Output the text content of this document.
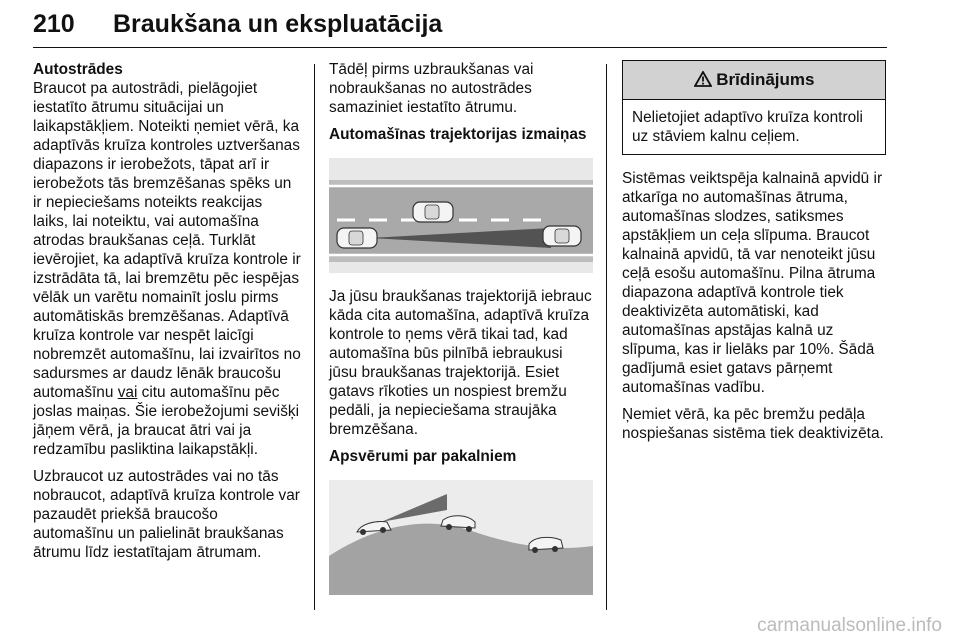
210 Braukšana un ekspluatācija

Autostrādes

Braucot pa autostrādi, pielāgojiet iestatīto ātrumu situācijai un laikapstākļiem. Noteikti ņemiet vērā, ka adaptīvās kruīza kontroles uztveršanas diapazons ir ierobežots, tāpat arī ir ierobežots tās bremzēšanas spēks un ir nepieciešams noteikts reakcijas laiks, lai noteiktu, vai automašīna atrodas braukšanas ceļā. Turklāt ievērojiet, ka adaptīvā kruīza kontrole ir izstrādāta tā, lai bremzētu pēc iespējas vēlāk un varētu nomainīt joslu pirms automātiskās bremzēšanas. Adaptīvā kruīza kontrole var nespēt laicīgi nobremzēt automašīnu, lai izvairītos no sadursmes ar daudz lēnāk braucošu automašīnu vai citu automašīnu pēc joslas maiņas. Šie ierobežojumi sevišķi jāņem vērā, ja braucat ātri vai ja redzamību pasliktina laikapstākļi.

Uzbraucot uz autostrādes vai no tās nobraucot, adaptīvā kruīza kontrole var pazaudēt priekšā braucošo automašīnu un palielināt braukšanas ātrumu līdz iestatītajam ātrumam.

Tādēļ pirms uzbraukšanas vai nobraukšanas no autostrādes samaziniet iestatīto ātrumu.

Automašīnas trajektorijas izmaiņas

Ja jūsu braukšanas trajektorijā iebrauc kāda cita automašīna, adaptīvā kruīza kontrole to ņems vērā tikai tad, kad automašīna būs pilnībā iebraukusi jūsu braukšanas trajektorijā. Esiet gatavs rīkoties un nospiest bremžu pedāli, ja nepieciešama straujāka bremzēšana.

Apsvērumi par pakalniem

Brīdinājums
Nelietojiet adaptīvo kruīza kontroli uz stāviem kalnu ceļiem.

Sistēmas veiktspēja kalnainā apvidū ir atkarīga no automašīnas ātruma, automašīnas slodzes, satiksmes apstākļiem un ceļa slīpuma. Braucot kalnainā apvidū, tā var nenoteikt jūsu ceļā esošu automašīnu. Pilna ātruma diapazona adaptīvā kontrole tiek deaktivizēta automātiski, kad automašīnas apstājas kalnā uz slīpuma, kas ir lielāks par 10%. Šādā gadījumā esiet gatavs pārņemt automašīnas vadību.

Ņemiet vērā, ka pēc bremžu pedāļa nospiešanas sistēma tiek deaktivizēta.

carmanualsonline.info
